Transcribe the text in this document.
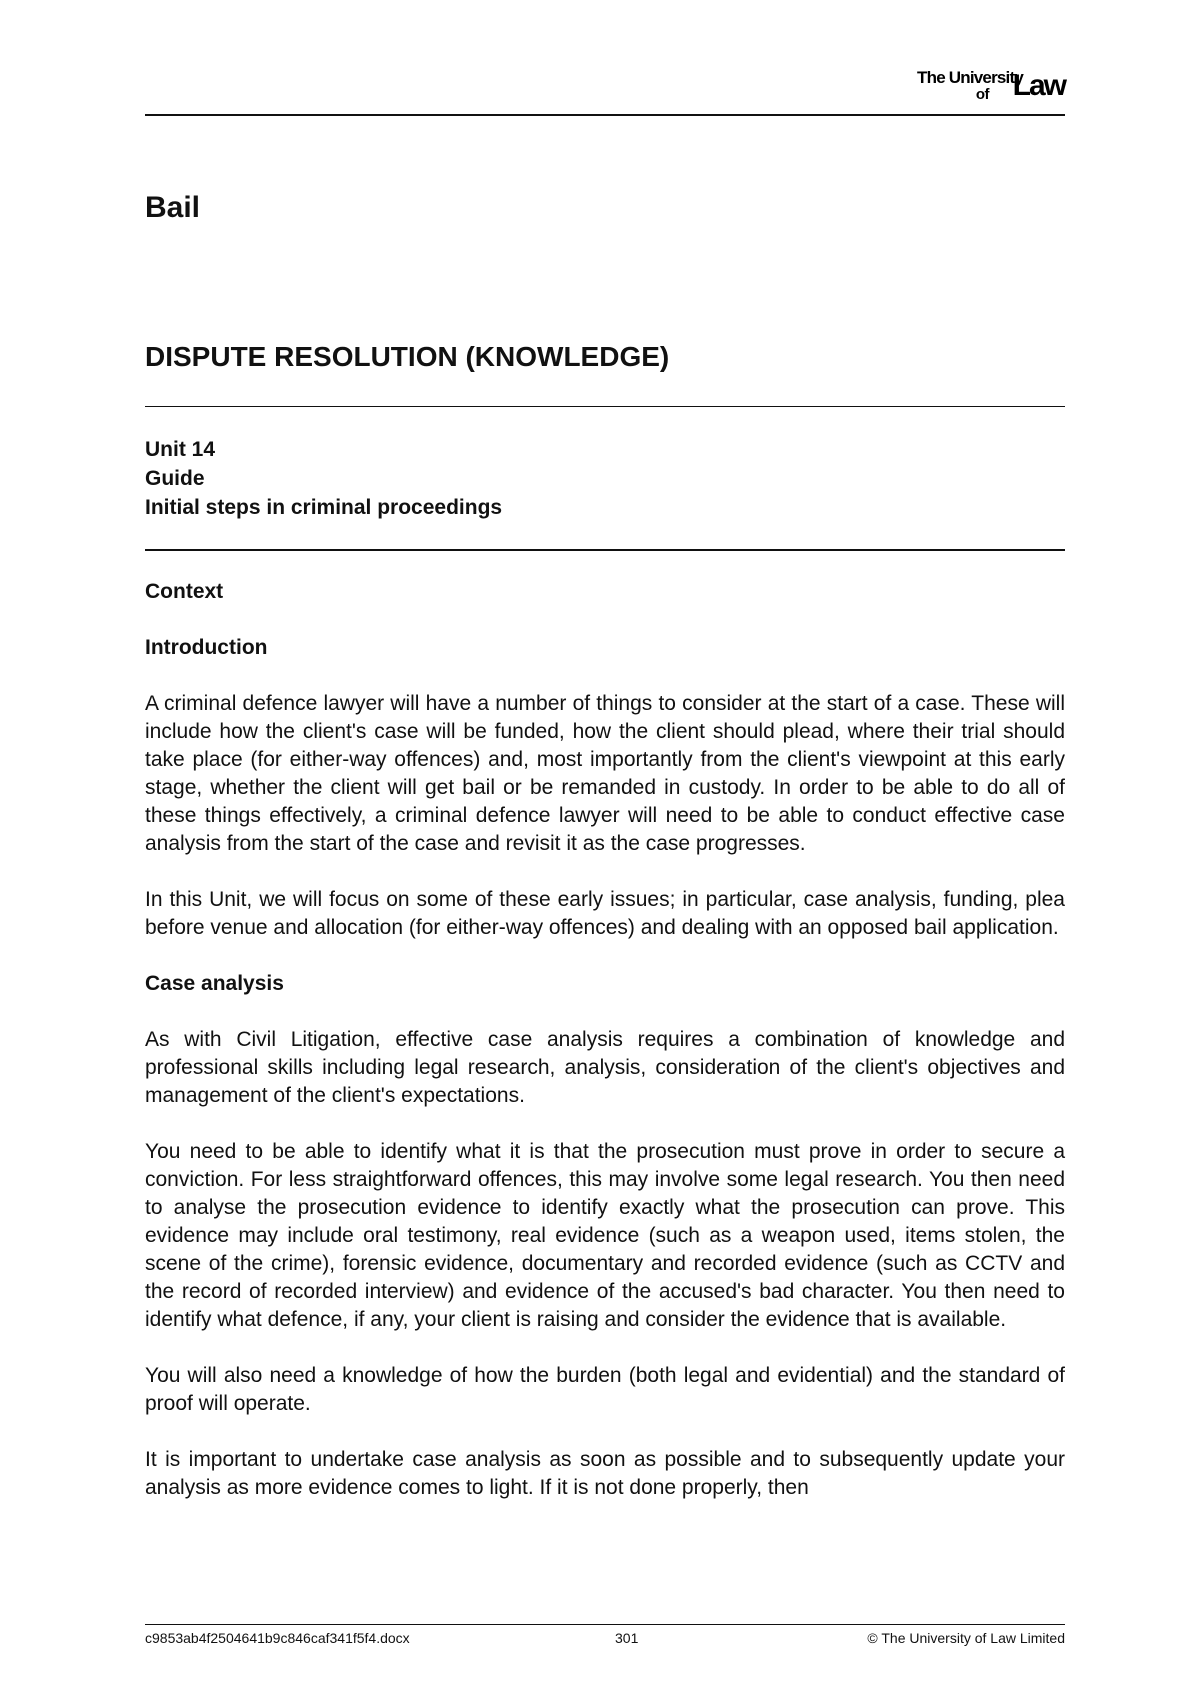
The University
of Law
Bail
DISPUTE RESOLUTION (KNOWLEDGE)
Unit 14
Guide
Initial steps in criminal proceedings
Context
Introduction

A criminal defence lawyer will have a number of things to consider at the start of a case. These will include how the client's case will be funded, how the client should plead, where their trial should take place (for either-way offences) and, most importantly from the client's viewpoint at this early stage, whether the client will get bail or be remanded in custody. In order to be able to do all of these things effectively, a criminal defence lawyer will need to be able to conduct effective case analysis from the start of the case and revisit it as the case progresses.

In this Unit, we will focus on some of these early issues; in particular, case analysis, funding, plea before venue and allocation (for either-way offences) and dealing with an opposed bail application.

Case analysis

As with Civil Litigation, effective case analysis requires a combination of knowledge and professional skills including legal research, analysis, consideration of the client's objectives and management of the client's expectations.

You need to be able to identify what it is that the prosecution must prove in order to secure a conviction. For less straightforward offences, this may involve some legal research. You then need to analyse the prosecution evidence to identify exactly what the prosecution can prove. This evidence may include oral testimony, real evidence (such as a weapon used, items stolen, the scene of the crime), forensic evidence, documentary and recorded evidence (such as CCTV and the record of recorded interview) and evidence of the accused's bad character. You then need to identify what defence, if any, your client is raising and consider the evidence that is available.

You will also need a knowledge of how the burden (both legal and evidential) and the standard of proof will operate.

It is important to undertake case analysis as soon as possible and to subsequently update your analysis as more evidence comes to light. If it is not done properly, then

c9853ab4f2504641b9c846caf341f5f4.docx	301	© The University of Law Limited
